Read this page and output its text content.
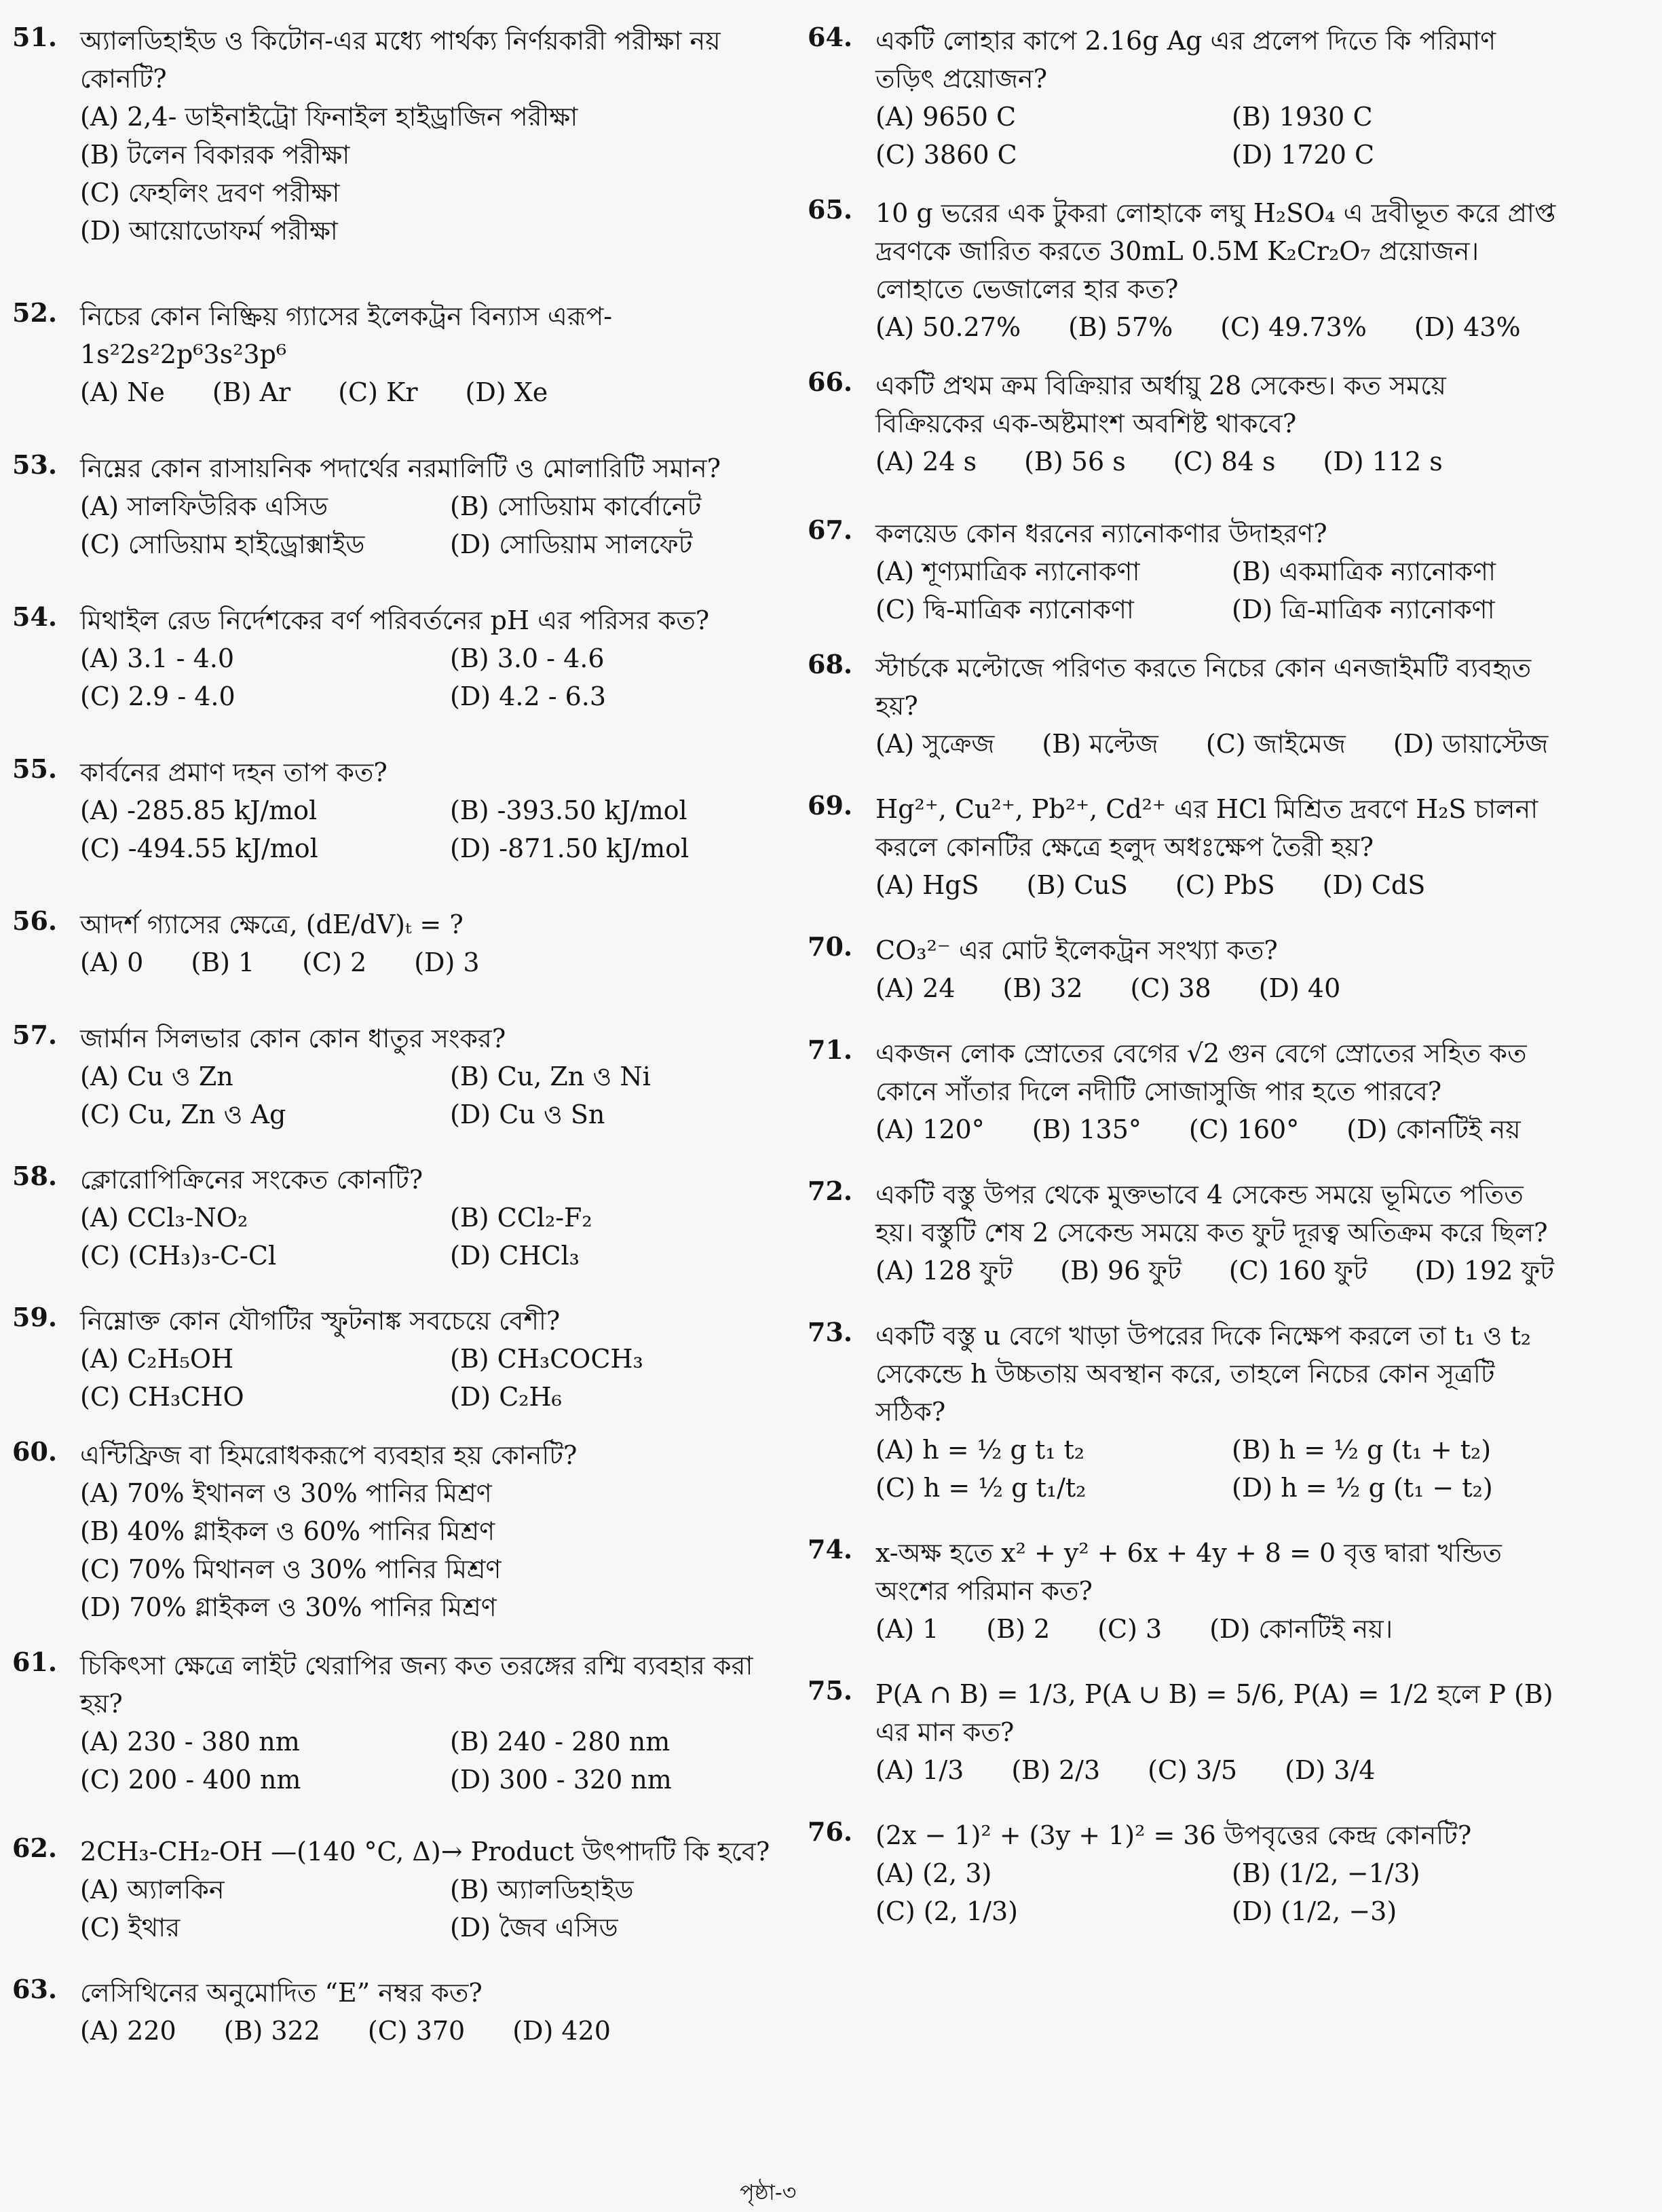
51. অ্যালডিহাইড ও কিটোন-এর মধ্যে পার্থক্য নির্ণয়কারী পরীক্ষা নয় কোনটি?
(A) 2,4- ডাইনাইট্রো ফিনাইল হাইড্রাজিন পরীক্ষা
(B) টলেন বিকারক পরীক্ষা
(C) ফেহলিং দ্রবণ পরীক্ষা
(D) আয়োডোফর্ম পরীক্ষা
52. নিচের কোন নিষ্ক্রিয় গ্যাসের ইলেকট্রন বিন্যাস এরূপ- 1s²2s²2p⁶3s²3p⁶
(A) Ne (B) Ar (C) Kr (D) Xe
53. নিম্নের কোন রাসায়নিক পদার্থের নরমালিটি ও মোলারিটি সমান?
(A) সালফিউরিক এসিড	(B) সোডিয়াম কার্বোনেট
(C) সোডিয়াম হাইড্রোক্সাইড	(D) সোডিয়াম সালফেট
54. মিথাইল রেড নির্দেশকের বর্ণ পরিবর্তনের pH এর পরিসর কত?
(A) 3.1 - 4.0	(B) 3.0 - 4.6
(C) 2.9 - 4.0	(D) 4.2 - 6.3
55. কার্বনের প্রমাণ দহন তাপ কত?
(A) -285.85 kJ/mol	(B) -393.50 kJ/mol
(C) -494.55 kJ/mol	(D) -871.50 kJ/mol
56. আদর্শ গ্যাসের ক্ষেত্রে, (dE/dV)ₜ = ?
(A) 0 (B) 1 (C) 2 (D) 3
57. জার্মান সিলভার কোন কোন ধাতুর সংকর?
(A) Cu ও Zn	(B) Cu, Zn ও Ni
(C) Cu, Zn ও Ag	(D) Cu ও Sn
58. ক্লোরোপিক্রিনের সংকেত কোনটি?
(A) CCl₃-NO₂	(B) CCl₂-F₂
(C) (CH₃)₃-C-Cl	(D) CHCl₃
59. নিম্নোক্ত কোন যৌগটির স্ফুটনাঙ্ক সবচেয়ে বেশী?
(A) C₂H₅OH	(B) CH₃COCH₃
(C) CH₃CHO	(D) C₂H₆
60. এন্টিফ্রিজ বা হিমরোধকরূপে ব্যবহার হয় কোনটি?
(A) 70% ইথানল ও 30% পানির মিশ্রণ
(B) 40% গ্লাইকল ও 60% পানির মিশ্রণ
(C) 70% মিথানল ও 30% পানির মিশ্রণ
(D) 70% গ্লাইকল ও 30% পানির মিশ্রণ
61. চিকিৎসা ক্ষেত্রে লাইট থেরাপির জন্য কত তরঙ্গের রশ্মি ব্যবহার করা হয়?
(A) 230 - 380 nm	(B) 240 - 280 nm
(C) 200 - 400 nm	(D) 300 - 320 nm
62. 2CH₃-CH₂-OH —(140 °C, Δ)→ Product উৎপাদটি কি হবে?
(A) অ্যালকিন	(B) অ্যালডিহাইড
(C) ইথার	(D) জৈব এসিড
63. লেসিথিনের অনুমোদিত “E” নম্বর কত?
(A) 220 (B) 322 (C) 370 (D) 420
64. একটি লোহার কাপে 2.16g Ag এর প্রলেপ দিতে কি পরিমাণ তড়িৎ প্রয়োজন?
(A) 9650 C	(B) 1930 C
(C) 3860 C	(D) 1720 C
65. 10 g ভরের এক টুকরা লোহাকে লঘু H₂SO₄ এ দ্রবীভূত করে প্রাপ্ত দ্রবণকে জারিত করতে 30mL 0.5M K₂Cr₂O₇ প্রয়োজন। লোহাতে ভেজালের হার কত?
(A) 50.27% (B) 57% (C) 49.73% (D) 43%
66. একটি প্রথম ক্রম বিক্রিয়ার অর্ধায়ু 28 সেকেন্ড। কত সময়ে বিক্রিয়কের এক-অষ্টমাংশ অবশিষ্ট থাকবে?
(A) 24 s (B) 56 s (C) 84 s (D) 112 s
67. কলয়েড কোন ধরনের ন্যানোকণার উদাহরণ?
(A) শূণ্যমাত্রিক ন্যানোকণা	(B) একমাত্রিক ন্যানোকণা
(C) দ্বি-মাত্রিক ন্যানোকণা	(D) ত্রি-মাত্রিক ন্যানোকণা
68. স্টার্চকে মল্টোজে পরিণত করতে নিচের কোন এনজাইমটি ব্যবহৃত হয়?
(A) সুক্রেজ (B) মল্টেজ (C) জাইমেজ (D) ডায়াস্টেজ
69. Hg²⁺, Cu²⁺, Pb²⁺, Cd²⁺ এর HCl মিশ্রিত দ্রবণে H₂S চালনা করলে কোনটির ক্ষেত্রে হলুদ অধঃক্ষেপ তৈরী হয়?
(A) HgS (B) CuS (C) PbS (D) CdS
70. CO₃²⁻ এর মোট ইলেকট্রন সংখ্যা কত?
(A) 24 (B) 32 (C) 38 (D) 40
71. একজন লোক স্রোতের বেগের √2 গুন বেগে স্রোতের সহিত কত কোনে সাঁতার দিলে নদীটি সোজাসুজি পার হতে পারবে?
(A) 120° (B) 135° (C) 160° (D) কোনটিই নয়
72. একটি বস্তু উপর থেকে মুক্তভাবে 4 সেকেন্ড সময়ে ভূমিতে পতিত হয়। বস্তুটি শেষ 2 সেকেন্ড সময়ে কত ফুট দূরত্ব অতিক্রম করে ছিল?
(A) 128 ফুট (B) 96 ফুট (C) 160 ফুট (D) 192 ফুট
73. একটি বস্তু u বেগে খাড়া উপরের দিকে নিক্ষেপ করলে তা t₁ ও t₂ সেকেন্ডে h উচ্চতায় অবস্থান করে, তাহলে নিচের কোন সূত্রটি সঠিক?
(A) h = ½ g t₁ t₂	(B) h = ½ g (t₁ + t₂)
(C) h = ½ g t₁/t₂	(D) h = ½ g (t₁ − t₂)
74. x-অক্ষ হতে x² + y² + 6x + 4y + 8 = 0 বৃত্ত দ্বারা খন্ডিত অংশের পরিমান কত?
(A) 1 (B) 2 (C) 3 (D) কোনটিই নয়।
75. P(A ∩ B) = 1/3, P(A ∪ B) = 5/6, P(A) = 1/2 হলে P (B) এর মান কত?
(A) 1/3 (B) 2/3 (C) 3/5 (D) 3/4
76. (2x − 1)² + (3y + 1)² = 36 উপবৃত্তের কেন্দ্র কোনটি?
(A) (2, 3)	(B) (1/2, −1/3)
(C) (2, 1/3)	(D) (1/2, −3)
পৃষ্ঠা-৩
